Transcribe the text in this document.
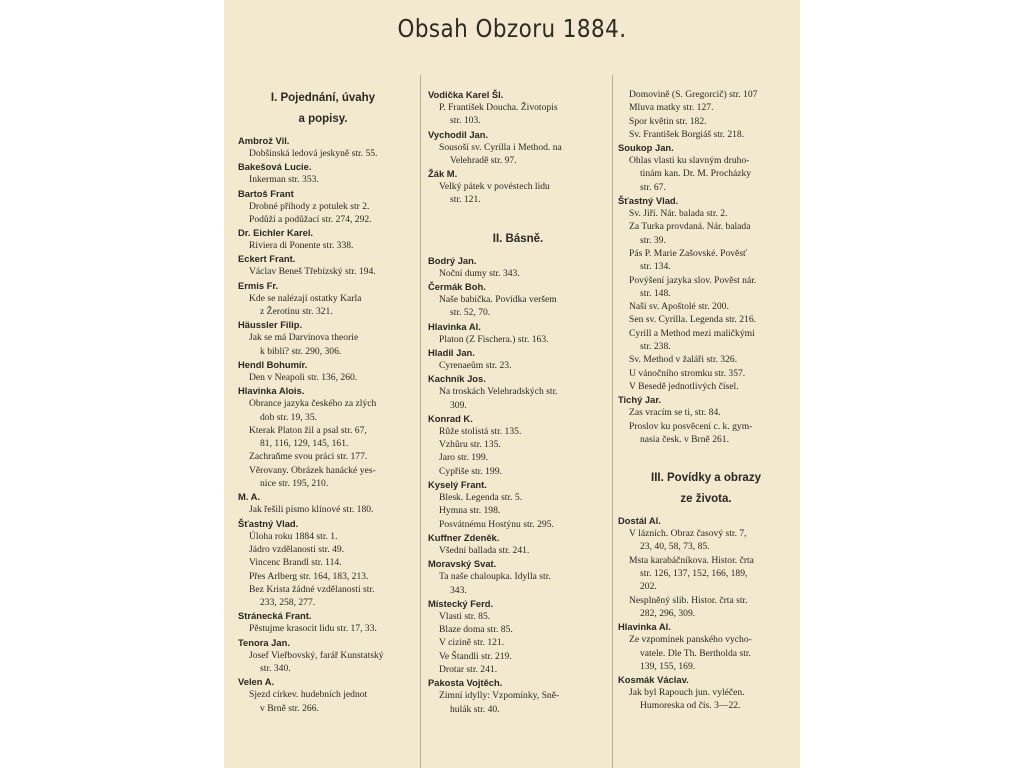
Obsah Obzoru 1884.
I. Pojednání, úvahy
a popisy.
Ambrož Vil.
Dobšinská ledová jeskyně str. 55.
Bakešová Lucie.
Inkerman str. 353.
Bartoš Frant
Drobné příhody z potulek str 2.
Podůží a podůžací str. 274, 292.
Dr. Eichler Karel.
Riviera di Ponente str. 338.
Eckert Frant.
Václav Beneš Třebízský str. 194.
Ermis Fr.
Kde se nalézají ostatky Karla
z Žerotínu str. 321.
Häussler Filip.
Jak se má Darvinova theorie
k biblí? str. 290, 306.
Hendl Bohumír.
Den v Neapoli str. 136, 260.
Hlavinka Alois.
Obrance jazyka českého za zlých
dob str. 19, 35.
Kterak Platon žil a psal str. 67,
81, 116, 129, 145, 161.
Zachraňme svou práci str. 177.
Věrovany. Obrázek hanácké yes-
nice str. 195, 210.
M. A.
Jak řešili písmo klínové str. 180.
Šťastný Vlad.
Úloha roku 1884 str. 1.
Jádro vzdělanosti str. 49.
Vincenc Brandl str. 114.
Přes Arlberg str. 164, 183, 213.
Bez Krista žádné vzdělanosti str.
233, 258, 277.
Stránecká Frant.
Pěstujme krasocit lidu str. 17, 33.
Tenora Jan.
Josef Vieřbovský, farář Kunstatský
str. 340.
Velen A.
Sjezd církev. hudebních jednot
v Brně str. 266.
Vodička Karel Šl.
P. František Doucha. Životopis
str. 103.
Vychodil Jan.
Sousoší sv. Cyrilla i Method. na
Velehradě str. 97.
Žák M.
Velký pátek v povéstech lidu
str. 121.
II. Básně.
Bodrý Jan.
Noční dumy str. 343.
Čermák Boh.
Naše babička. Povídka veršem
str. 52, 70.
Hlavinka Al.
Platon (Z Fischera.) str. 163.
Hladil Jan.
Cyrenaeům str. 23.
Kachník Jos.
Na troskách Velehradských str.
309.
Konrad K.
Růže stolistá str. 135.
Vzhůru str. 135.
Jaro str. 199.
Cypřiše str. 199.
Kyselý Frant.
Blesk. Legenda str. 5.
Hymna str. 198.
Posvátnému Hostýnu str. 295.
Kuffner Zdeněk.
Všední ballada str. 241.
Moravský Svat.
Ta naše chaloupka. Idylla str.
343.
Místecký Ferd.
Vlasti str. 85.
Blaze doma str. 85.
V cizině str. 121.
Ve Štandli str. 219.
Drotar str. 241.
Pakosta Vojtěch.
Zimní idylly: Vzpomínky, Sně-
hulák str. 40.
Domovině (S. Gregorcič) str. 107
Mluva matky str. 127.
Spor květin str. 182.
Sv. František Borgiáš str. 218.
Soukop Jan.
Ohlas vlasti ku slavným druho-
tinám kan. Dr. M. Procházky
str. 67.
Šťastný Vlad.
Sv. Jiří. Nár. balada str. 2.
Za Turka provdaná. Nár. balada
str. 39.
Pás P. Marie Zašovské. Pověsť
str. 134.
Povýšení jazyka slov. Pověst nár.
str. 148.
Naší sv. Apoštolé str. 200.
Sen sv. Cyrilla. Legenda str. 216.
Cyrill a Method mezi maličkými
str. 238.
Sv. Method v žaláři str. 326.
U vánočního stromku str. 357.
V Besedě jednotlivých čísel.
Tichý Jar.
Zas vracím se ti, str. 84.
Proslov ku posvěcení c. k. gym-
nasia česk. v Brně 261.
III. Povídky a obrazy
ze života.
Dostál Al.
V lázních. Obraz časový str. 7,
23, 40, 58, 73, 85.
Msta karabáčníkova. Histor. črta
str. 126, 137, 152, 166, 189,
202.
Nesplněný slib. Histor. črta str.
282, 296, 309.
Hlavinka Al.
Ze vzpomínek panského vycho-
vatele. Dle Th. Bertholda str.
139, 155, 169.
Kosmák Václav.
Jak byl Rapouch jun. vyléčen.
Humoreska od čís. 3—22.
